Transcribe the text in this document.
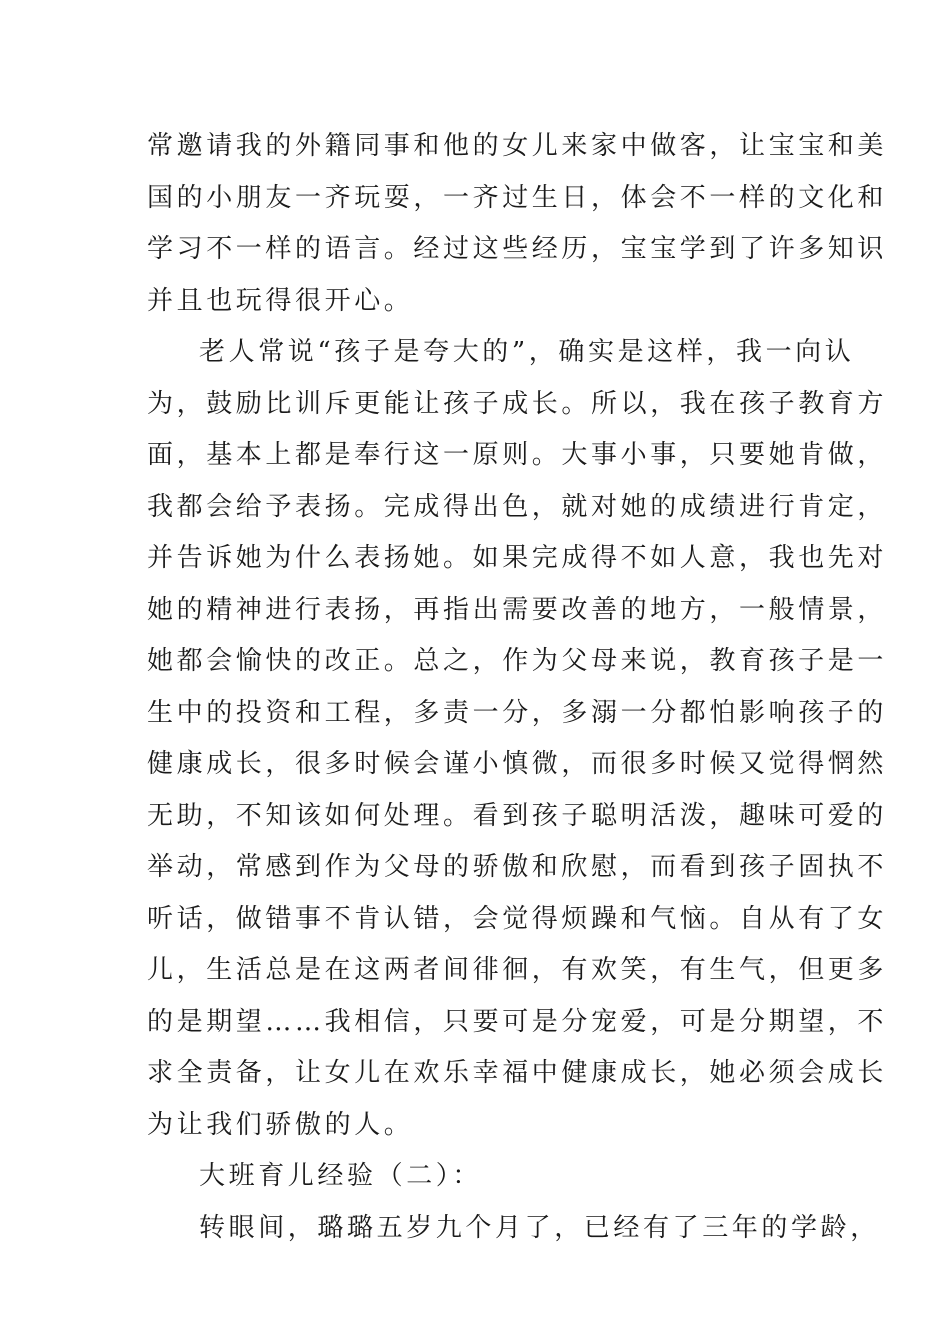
常邀请我的外籍同事和他的女儿来家中做客，让宝宝和美
国的小朋友一齐玩耍，一齐过生日，体会不一样的文化和
学习不一样的语言。经过这些经历，宝宝学到了许多知识
并且也玩得很开心。
老人常说“孩子是夸大的”，确实是这样，我一向认
为，鼓励比训斥更能让孩子成长。所以，我在孩子教育方
面，基本上都是奉行这一原则。大事小事，只要她肯做，
我都会给予表扬。完成得出色，就对她的成绩进行肯定，
并告诉她为什么表扬她。如果完成得不如人意，我也先对
她的精神进行表扬，再指出需要改善的地方，一般情景，
她都会愉快的改正。总之，作为父母来说，教育孩子是一
生中的投资和工程，多责一分，多溺一分都怕影响孩子的
健康成长，很多时候会谨小慎微，而很多时候又觉得惘然
无助，不知该如何处理。看到孩子聪明活泼，趣味可爱的
举动，常感到作为父母的骄傲和欣慰，而看到孩子固执不
听话，做错事不肯认错，会觉得烦躁和气恼。自从有了女
儿，生活总是在这两者间徘徊，有欢笑，有生气，但更多
的是期望……我相信，只要可是分宠爱，可是分期望，不
求全责备，让女儿在欢乐幸福中健康成长，她必须会成长
为让我们骄傲的人。
大班育儿经验（二）：
转眼间，璐璐五岁九个月了，已经有了三年的学龄，
